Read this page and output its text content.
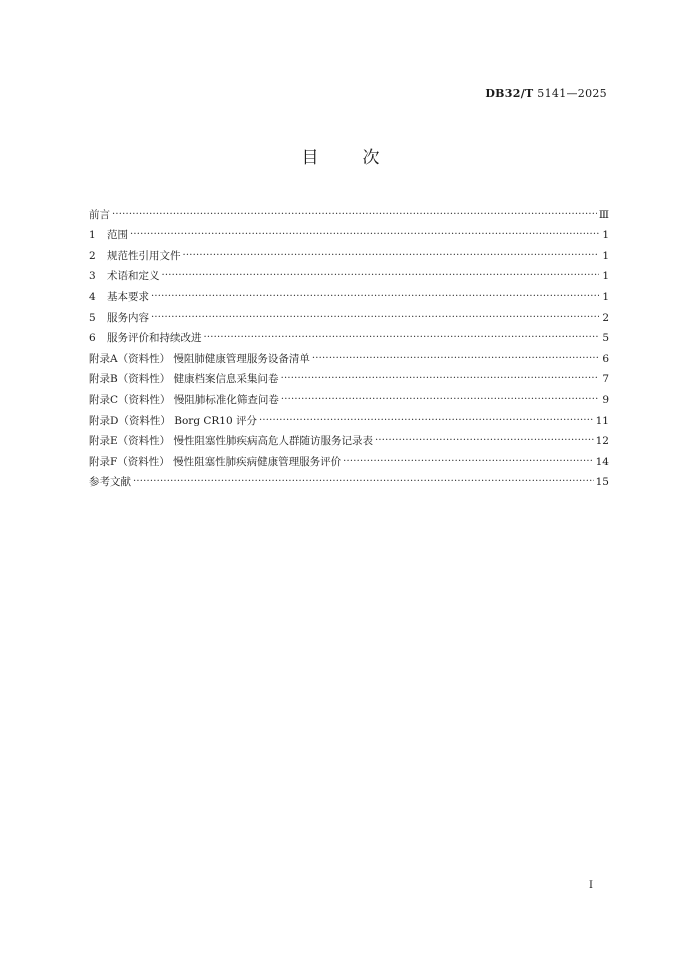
DB32/T 5141—2025
目次
前言 ·····	Ⅲ
1	范围 ·····	1
2	规范性引用文件 ·····	1
3	术语和定义 ·····	1
4	基本要求 ·····	1
5	服务内容 ·····	2
6	服务评价和持续改进 ·····	5
附录A（资料性） 慢阻肺健康管理服务设备清单 ·····	6
附录B（资料性） 健康档案信息采集问卷 ·····	7
附录C（资料性） 慢阻肺标准化筛查问卷 ·····	9
附录D（资料性） Borg CR10 评分 ·····	11
附录E（资料性） 慢性阻塞性肺疾病高危人群随访服务记录表 ·····	12
附录F（资料性） 慢性阻塞性肺疾病健康管理服务评价 ·····	14
参考文献 ·····	15
I
